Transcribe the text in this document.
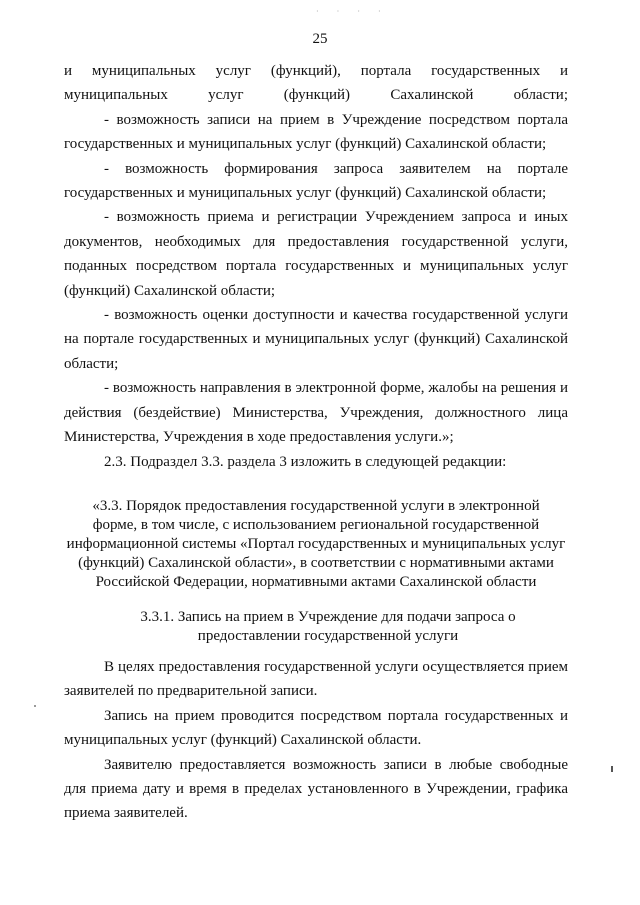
· · · ·
25

и муниципальных услуг (функций), портала государственных и муниципальных услуг (функций) Сахалинской области;

- возможность записи на прием в Учреждение посредством портала государственных и муниципальных услуг (функций) Сахалинской области;

- возможность формирования запроса заявителем на портале государственных и муниципальных услуг (функций) Сахалинской области;

- возможность приема и регистрации Учреждением запроса и иных документов, необходимых для предоставления государственной услуги, поданных посредством портала государственных и муниципальных услуг (функций) Сахалинской области;

- возможность оценки доступности и качества государственной услуги на портале государственных и муниципальных услуг (функций) Сахалинской области;

- возможность направления в электронной форме, жалобы на решения и действия (бездействие) Министерства, Учреждения, должностного лица Министерства, Учреждения в ходе предоставления услуги.»;

2.3. Подраздел 3.3. раздела 3 изложить в следующей редакции:

«3.3. Порядок предоставления государственной услуги в электронной

форме, в том числе, с использованием региональной государственной

информационной системы «Портал государственных и муниципальных услуг

(функций) Сахалинской области», в соответствии с нормативными актами

Российской Федерации, нормативными актами Сахалинской области

3.3.1. Запись на прием в Учреждение для подачи запроса о

предоставлении государственной услуги

В целях предоставления государственной услуги осуществляется прием заявителей по предварительной записи.

Запись на прием проводится посредством портала государственных и муниципальных услуг (функций) Сахалинской области.

Заявителю предоставляется возможность записи в любые свободные для приема дату и время в пределах установленного в Учреждении, графика приема заявителей.
